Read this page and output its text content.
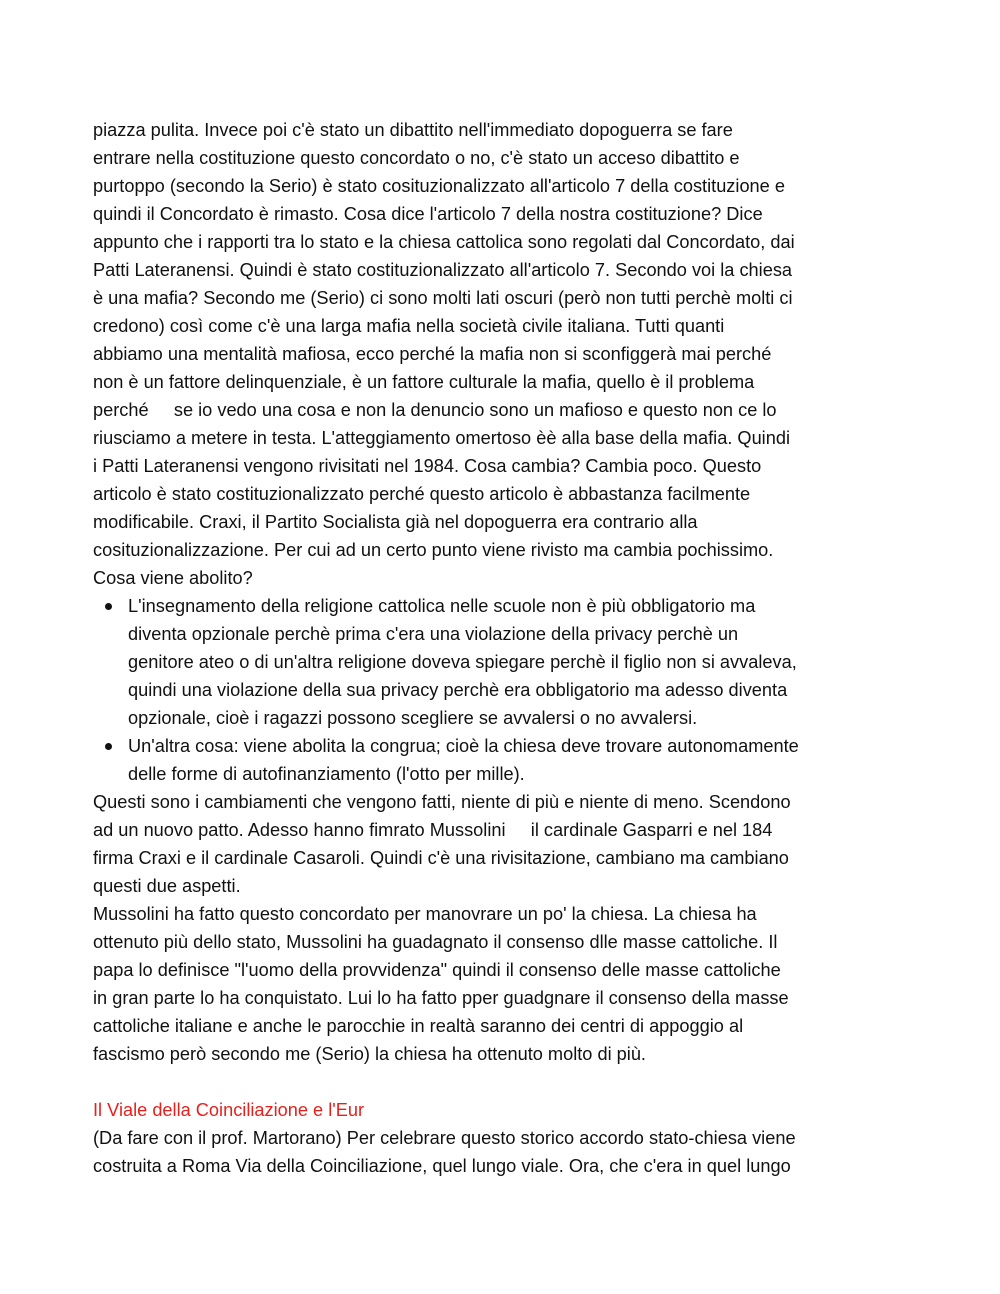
piazza pulita. Invece poi c'è stato un dibattito nell'immediato dopoguerra se fare
entrare nella costituzione questo concordato o no, c'è stato un acceso dibattito e
purtoppo (secondo la Serio) è stato cosituzionalizzato all'articolo 7 della costituzione e
quindi il Concordato è rimasto. Cosa dice l'articolo 7 della nostra costituzione? Dice
appunto che i rapporti tra lo stato e la chiesa cattolica sono regolati dal Concordato, dai
Patti Lateranensi. Quindi è stato costituzionalizzato all'articolo 7. Secondo voi la chiesa
è una mafia? Secondo me (Serio) ci sono molti lati oscuri (però non tutti perchè molti ci
credono) così come c'è una larga mafia nella società civile italiana. Tutti quanti
abbiamo una mentalità mafiosa, ecco perché la mafia non si sconfiggerà mai perché
non è un fattore delinquenziale, è un fattore culturale la mafia, quello è il problema
perché     se io vedo una cosa e non la denuncio sono un mafioso e questo non ce lo
riusciamo a metere in testa. L'atteggiamento omertoso èè alla base della mafia. Quindi
i Patti Lateranensi vengono rivisitati nel 1984. Cosa cambia? Cambia poco. Questo
articolo è stato costituzionalizzato perché questo articolo è abbastanza facilmente
modificabile. Craxi, il Partito Socialista già nel dopoguerra era contrario alla
cosituzionalizzazione. Per cui ad un certo punto viene rivisto ma cambia pochissimo.
Cosa viene abolito?
L'insegnamento della religione cattolica nelle scuole non è più obbligatorio ma
diventa opzionale perchè prima c'era una violazione della privacy perchè un
genitore ateo o di un'altra religione doveva spiegare perchè il figlio non si avvaleva,
quindi una violazione della sua privacy perchè era obbligatorio ma adesso diventa
opzionale, cioè i ragazzi possono scegliere se avvalersi o no avvalersi.
Un'altra cosa: viene abolita la congrua; cioè la chiesa deve trovare autonomamente
delle forme di autofinanziamento (l'otto per mille).
Questi sono i cambiamenti che vengono fatti, niente di più e niente di meno. Scendono
ad un nuovo patto. Adesso hanno fimrato Mussolini     il cardinale Gasparri e nel 184
firma Craxi e il cardinale Casaroli. Quindi c'è una rivisitazione, cambiano ma cambiano
questi due aspetti.
Mussolini ha fatto questo concordato per manovrare un po' la chiesa. La chiesa ha
ottenuto più dello stato, Mussolini ha guadagnato il consenso dlle masse cattoliche. Il
papa lo definisce "l'uomo della provvidenza" quindi il consenso delle masse cattoliche
in gran parte lo ha conquistato. Lui lo ha fatto pper guadgnare il consenso della masse
cattoliche italiane e anche le parocchie in realtà saranno dei centri di appoggio al
fascismo però secondo me (Serio) la chiesa ha ottenuto molto di più.
Il Viale della Coinciliazione e l'Eur
(Da fare con il prof. Martorano) Per celebrare questo storico accordo stato-chiesa viene
costruita a Roma Via della Coinciliazione, quel lungo viale. Ora, che c'era in quel lungo
